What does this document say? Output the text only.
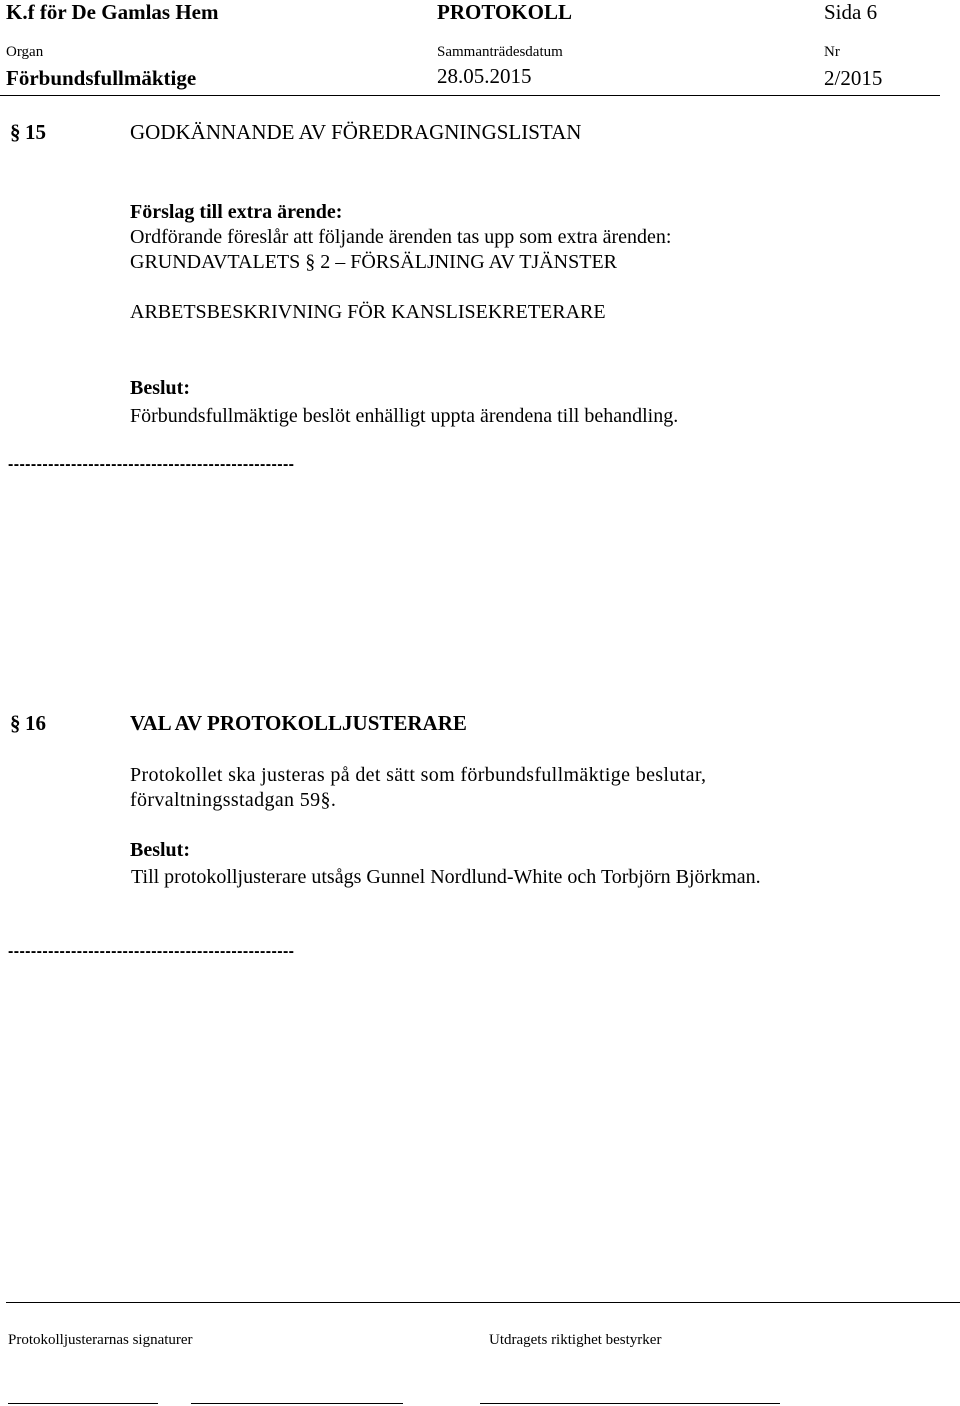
K.f för De Gamlas Hem	PROTOKOLL	Sida 6
Organ	Sammanträdesdatum	Nr
Förbundsfullmäktige	28.05.2015	2/2015
§ 15	GODKÄNNANDE AV FÖREDRAGNINGSLISTAN
Förslag till extra ärende:
Ordförande föreslår att följande ärenden tas upp som extra ärenden:
GRUNDAVTALETS § 2 – FÖRSÄLJNING AV TJÄNSTER
ARBETSBESKRIVNING FÖR KANSLISEKRETERARE
Beslut:
Förbundsfullmäktige beslöt enhälligt uppta ärendena till behandling.
--------------------------------------------------
§ 16	VAL AV PROTOKOLLJUSTERARE
Protokollet ska justeras på det sätt som förbundsfullmäktige beslutar,
förvaltningsstadgan 59§.
Beslut:
Till protokolljusterare utsågs Gunnel Nordlund-White och Torbjörn Björkman.
--------------------------------------------------
Protokolljusterarnas signaturer	Utdragets riktighet bestyrker
